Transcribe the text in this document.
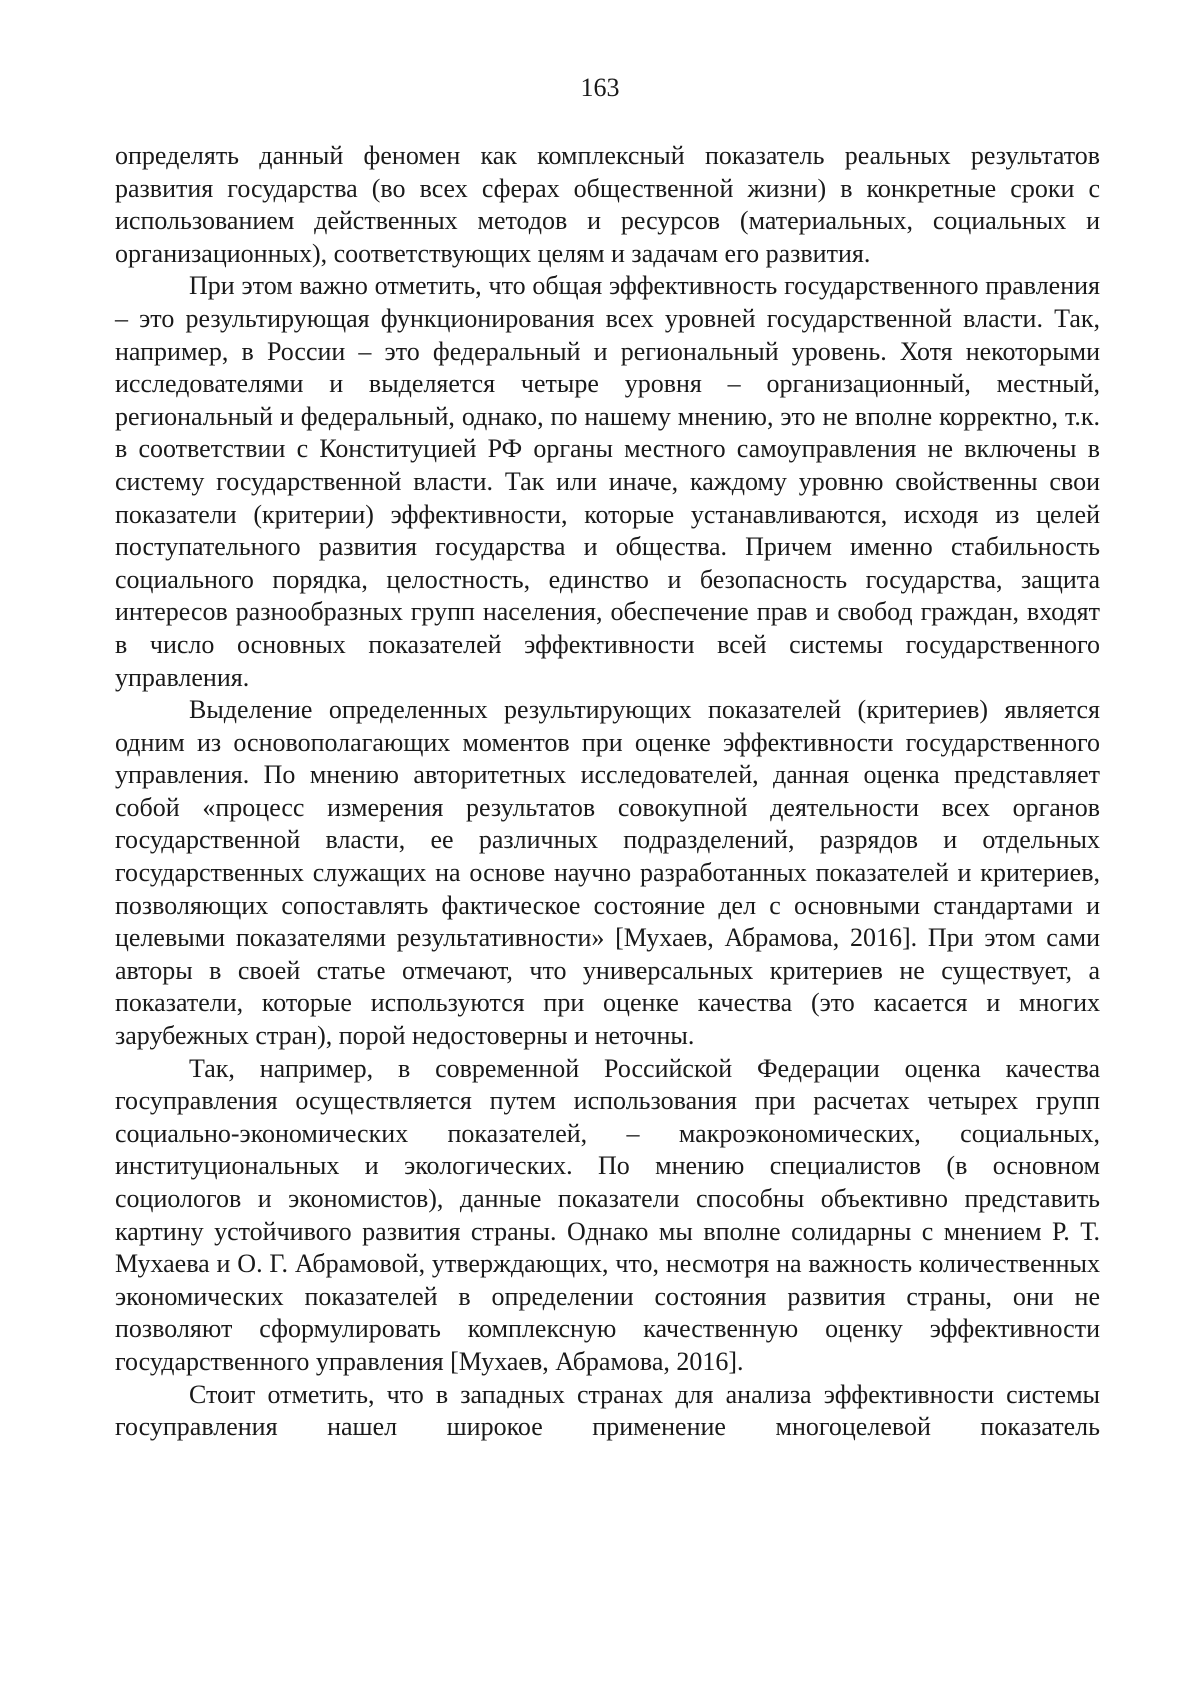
163

определять данный феномен как комплексный показатель реальных результатов развития государства (во всех сферах общественной жизни) в конкретные сроки с использованием действенных методов и ресурсов (материальных, социальных и организационных), соответствующих целям и задачам его развития.

При этом важно отметить, что общая эффективность государственного правления – это результирующая функционирования всех уровней государственной власти. Так, например, в России – это федеральный и региональный уровень. Хотя некоторыми исследователями и выделяется четыре уровня – организационный, местный, региональный и федеральный, однако, по нашему мнению, это не вполне корректно, т.к. в соответствии с Конституцией РФ органы местного самоуправления не включены в систему государственной власти. Так или иначе, каждому уровню свойственны свои показатели (критерии) эффективности, которые устанавливаются, исходя из целей поступательного развития государства и общества. Причем именно стабильность социального порядка, целостность, единство и безопасность государства, защита интересов разнообразных групп населения, обеспечение прав и свобод граждан, входят в число основных показателей эффективности всей системы государственного управления.

Выделение определенных результирующих показателей (критериев) является одним из основополагающих моментов при оценке эффективности государственного управления. По мнению авторитетных исследователей, данная оценка представляет собой «процесс измерения результатов совокупной деятельности всех органов государственной власти, ее различных подразделений, разрядов и отдельных государственных служащих на основе научно разработанных показателей и критериев, позволяющих сопоставлять фактическое состояние дел с основными стандартами и целевыми показателями результативности» [Мухаев, Абрамова, 2016]. При этом сами авторы в своей статье отмечают, что универсальных критериев не существует, а показатели, которые используются при оценке качества (это касается и многих зарубежных стран), порой недостоверны и неточны.

Так, например, в современной Российской Федерации оценка качества госуправления осуществляется путем использования при расчетах четырех групп социально-экономических показателей, – макроэкономических, социальных, институциональных и экологических. По мнению специалистов (в основном социологов и экономистов), данные показатели способны объективно представить картину устойчивого развития страны. Однако мы вполне солидарны с мнением Р. Т. Мухаева и О. Г. Абрамовой, утверждающих, что, несмотря на важность количественных экономических показателей в определении состояния развития страны, они не позволяют сформулировать комплексную качественную оценку эффективности государственного управления [Мухаев, Абрамова, 2016].

Стоит отметить, что в западных странах для анализа эффективности системы госуправления нашел широкое применение многоцелевой показатель
